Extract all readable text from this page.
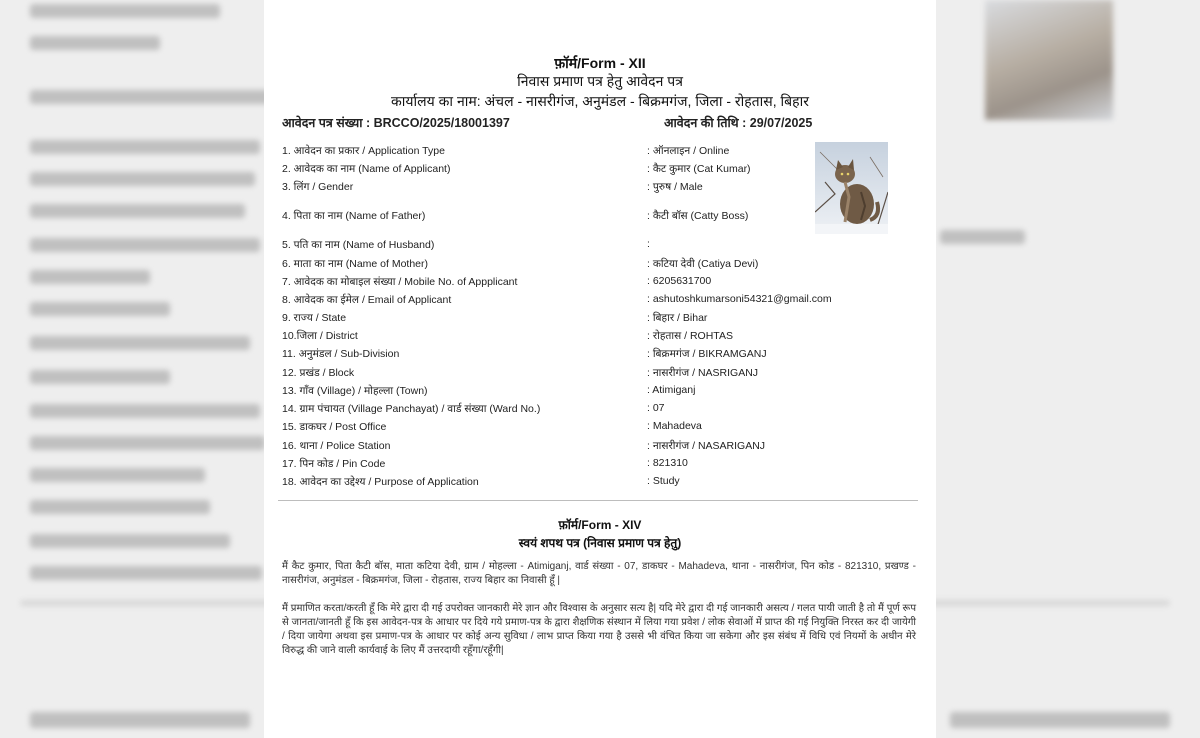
फ़ॉर्म/Form - XII
निवास प्रमाण पत्र हेतु आवेदन पत्र
कार्यालय का नाम: अंचल - नासरीगंज, अनुमंडल - बिक्रमगंज, जिला - रोहतास, बिहार
आवेदन पत्र संख्या : BRCCO/2025/18001397	आवेदन की तिथि : 29/07/2025
1. आवेदन का प्रकार / Application Type	: ऑनलाइन / Online
2. आवेदक का नाम (Name of Applicant)	: कैट कुमार (Cat Kumar)
3. लिंग / Gender	: पुरुष / Male
4. पिता का नाम (Name of Father)	: कैटी बॉस (Catty Boss)
5. पति का नाम (Name of Husband)	:
6. माता का नाम (Name of Mother)	: कटिया देवी (Catiya Devi)
7. आवेदक का मोबाइल संख्या / Mobile No. of Appplicant	: 6205631700
8. आवेदक का ईमेल / Email of Applicant	: ashutoshkumarsoni54321@gmail.com
9. राज्य / State	: बिहार / Bihar
10.जिला / District	: रोहतास / ROHTAS
11. अनुमंडल / Sub-Division	: बिक्रमगंज / BIKRAMGANJ
12. प्रखंड / Block	: नासरीगंज / NASRIGANJ
13. गाँव (Village) / मोहल्ला (Town)	: Atimiganj
14. ग्राम पंचायत (Village Panchayat) / वार्ड संख्या (Ward No.)	: 07
15. डाकघर / Post Office	: Mahadeva
16. थाना / Police Station	: नासरीगंज / NASARIGANJ
17. पिन कोड / Pin Code	: 821310
18. आवेदन का उद्देश्य / Purpose of Application	: Study
फ़ॉर्म/Form - XIV
स्वयं शपथ पत्र (निवास प्रमाण पत्र हेतु)
मैं कैट कुमार, पिता कैटी बॉस, माता कटिया देवी, ग्राम / मोहल्ला - Atimiganj, वार्ड संख्या - 07, डाकघर - Mahadeva, थाना - नासरीगंज, पिन कोड - 821310, प्रखण्ड - नासरीगंज, अनुमंडल - बिक्रमगंज, जिला - रोहतास, राज्य बिहार का निवासी हूँ |
मैं प्रमाणित करता/करती हूँ कि मेरे द्वारा दी गई उपरोक्त जानकारी मेरे ज्ञान और विश्वास के अनुसार सत्य है| यदि मेरे द्वारा दी गई जानकारी असत्य / गलत पायी जाती है तो मैं पूर्ण रूप से जानता/जानती हूँ कि इस आवेदन-पत्र के आधार पर दिये गये प्रमाण-पत्र के द्वारा शैक्षणिक संस्थान में लिया गया प्रवेश / लोक सेवाओं में प्राप्त की गई नियुक्ति निरस्त कर दी जायेगी / दिया जायेगा अथवा इस प्रमाण-पत्र के आधार पर कोई अन्य सुविधा / लाभ प्राप्त किया गया है उससे भी वंचित किया जा सकेगा और इस संबंध में विधि एवं नियमों के अधीन मेरे विरुद्ध की जाने वाली कार्यवाई के लिए मैं उत्तरदायी रहूँगा/रहूँगी|
